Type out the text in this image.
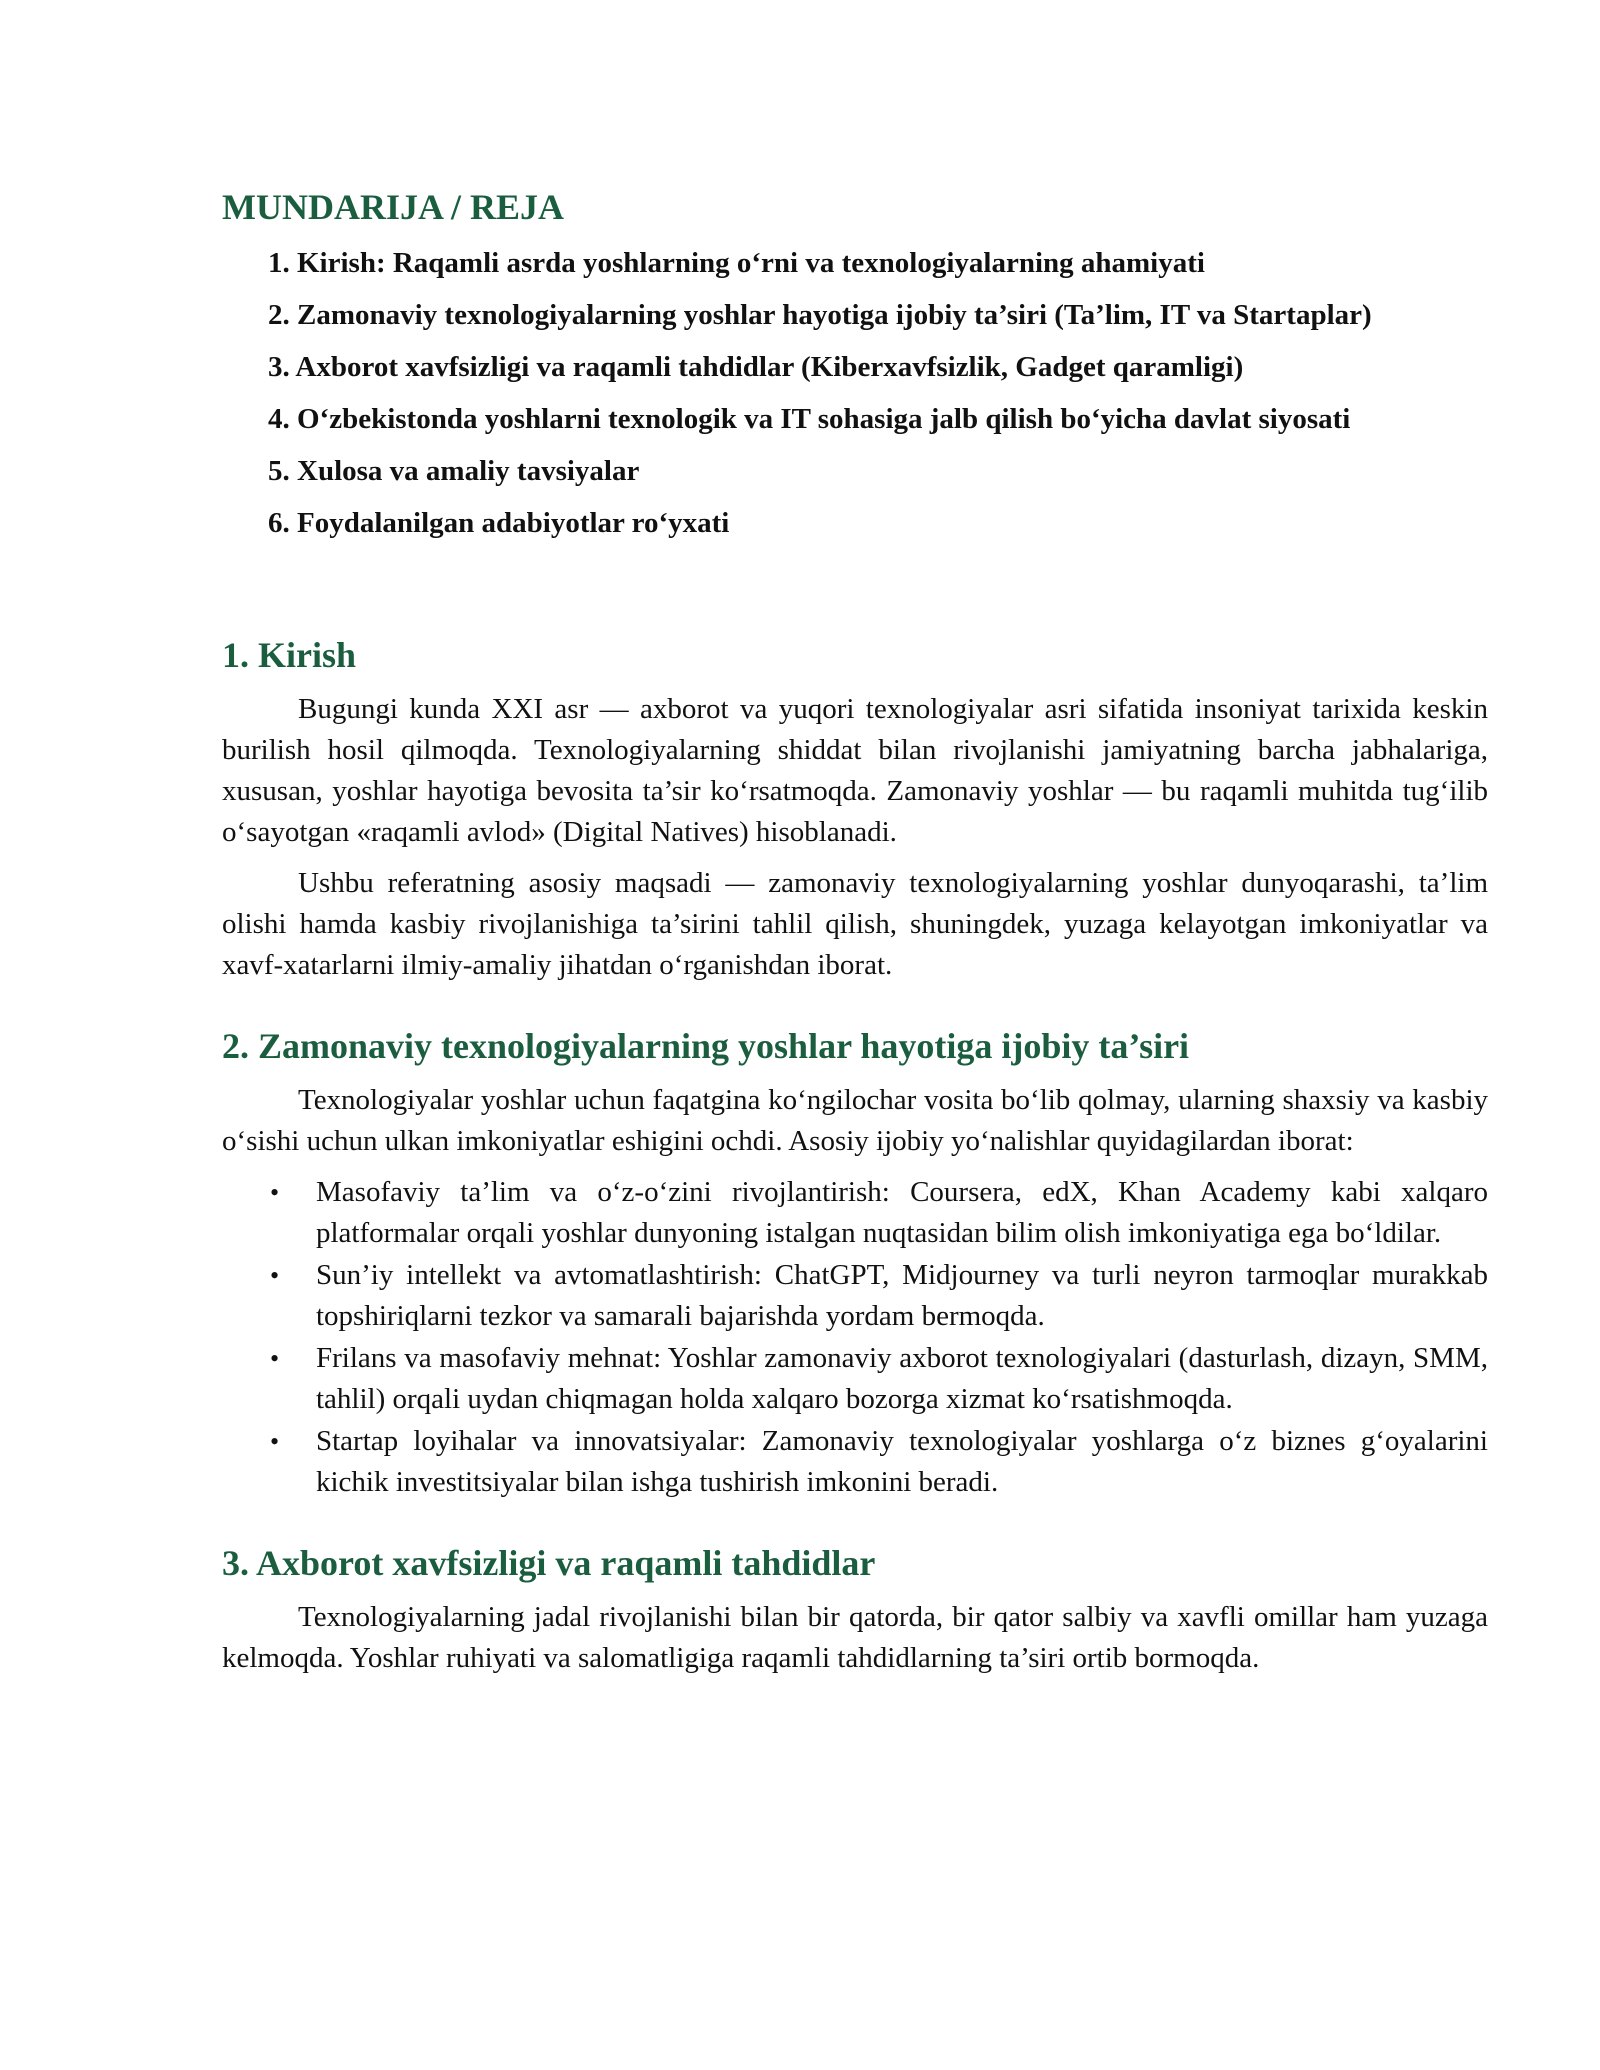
MUNDARIJA / REJA
1. Kirish: Raqamli asrda yoshlarning o‘rni va texnologiyalarning ahamiyati
2. Zamonaviy texnologiyalarning yoshlar hayotiga ijobiy ta’siri (Ta’lim, IT va Startaplar)
3. Axborot xavfsizligi va raqamli tahdidlar (Kiberxavfsizlik, Gadget qaramligi)
4. O‘zbekistonda yoshlarni texnologik va IT sohasiga jalb qilish bo‘yicha davlat siyosati
5. Xulosa va amaliy tavsiyalar
6. Foydalanilgan adabiyotlar ro‘yxati
1. Kirish

Bugungi kunda XXI asr — axborot va yuqori texnologiyalar asri sifatida insoniyat tarixida keskin burilish hosil qilmoqda. Texnologiyalarning shiddat bilan rivojlanishi jamiyatning barcha jabhalariga, xususan, yoshlar hayotiga bevosita ta’sir ko‘rsatmoqda. Zamonaviy yoshlar — bu raqamli muhitda tug‘ilib o‘sayotgan «raqamli avlod» (Digital Natives) hisoblanadi.

Ushbu referatning asosiy maqsadi — zamonaviy texnologiyalarning yoshlar dunyoqarashi, ta’lim olishi hamda kasbiy rivojlanishiga ta’sirini tahlil qilish, shuningdek, yuzaga kelayotgan imkoniyatlar va xavf-xatarlarni ilmiy-amaliy jihatdan o‘rganishdan iborat.

2. Zamonaviy texnologiyalarning yoshlar hayotiga ijobiy ta’siri

Texnologiyalar yoshlar uchun faqatgina ko‘ngilochar vosita bo‘lib qolmay, ularning shaxsiy va kasbiy o‘sishi uchun ulkan imkoniyatlar eshigini ochdi. Asosiy ijobiy yo‘nalishlar quyidagilardan iborat:

• Masofaviy ta’lim va o‘z-o‘zini rivojlantirish: Coursera, edX, Khan Academy kabi xalqaro platformalar orqali yoshlar dunyoning istalgan nuqtasidan bilim olish imkoniyatiga ega bo‘ldilar.
• Sun’iy intellekt va avtomatlashtirish: ChatGPT, Midjourney va turli neyron tarmoqlar murakkab topshiriqlarni tezkor va samarali bajarishda yordam bermoqda.
• Frilans va masofaviy mehnat: Yoshlar zamonaviy axborot texnologiyalari (dasturlash, dizayn, SMM, tahlil) orqali uydan chiqmagan holda xalqaro bozorga xizmat ko‘rsatishmoqda.
• Startap loyihalar va innovatsiyalar: Zamonaviy texnologiyalar yoshlarga o‘z biznes g‘oyalarini kichik investitsiyalar bilan ishga tushirish imkonini beradi.
3. Axborot xavfsizligi va raqamli tahdidlar

Texnologiyalarning jadal rivojlanishi bilan bir qatorda, bir qator salbiy va xavfli omillar ham yuzaga kelmoqda. Yoshlar ruhiyati va salomatligiga raqamli tahdidlarning ta’siri ortib bormoqda.
